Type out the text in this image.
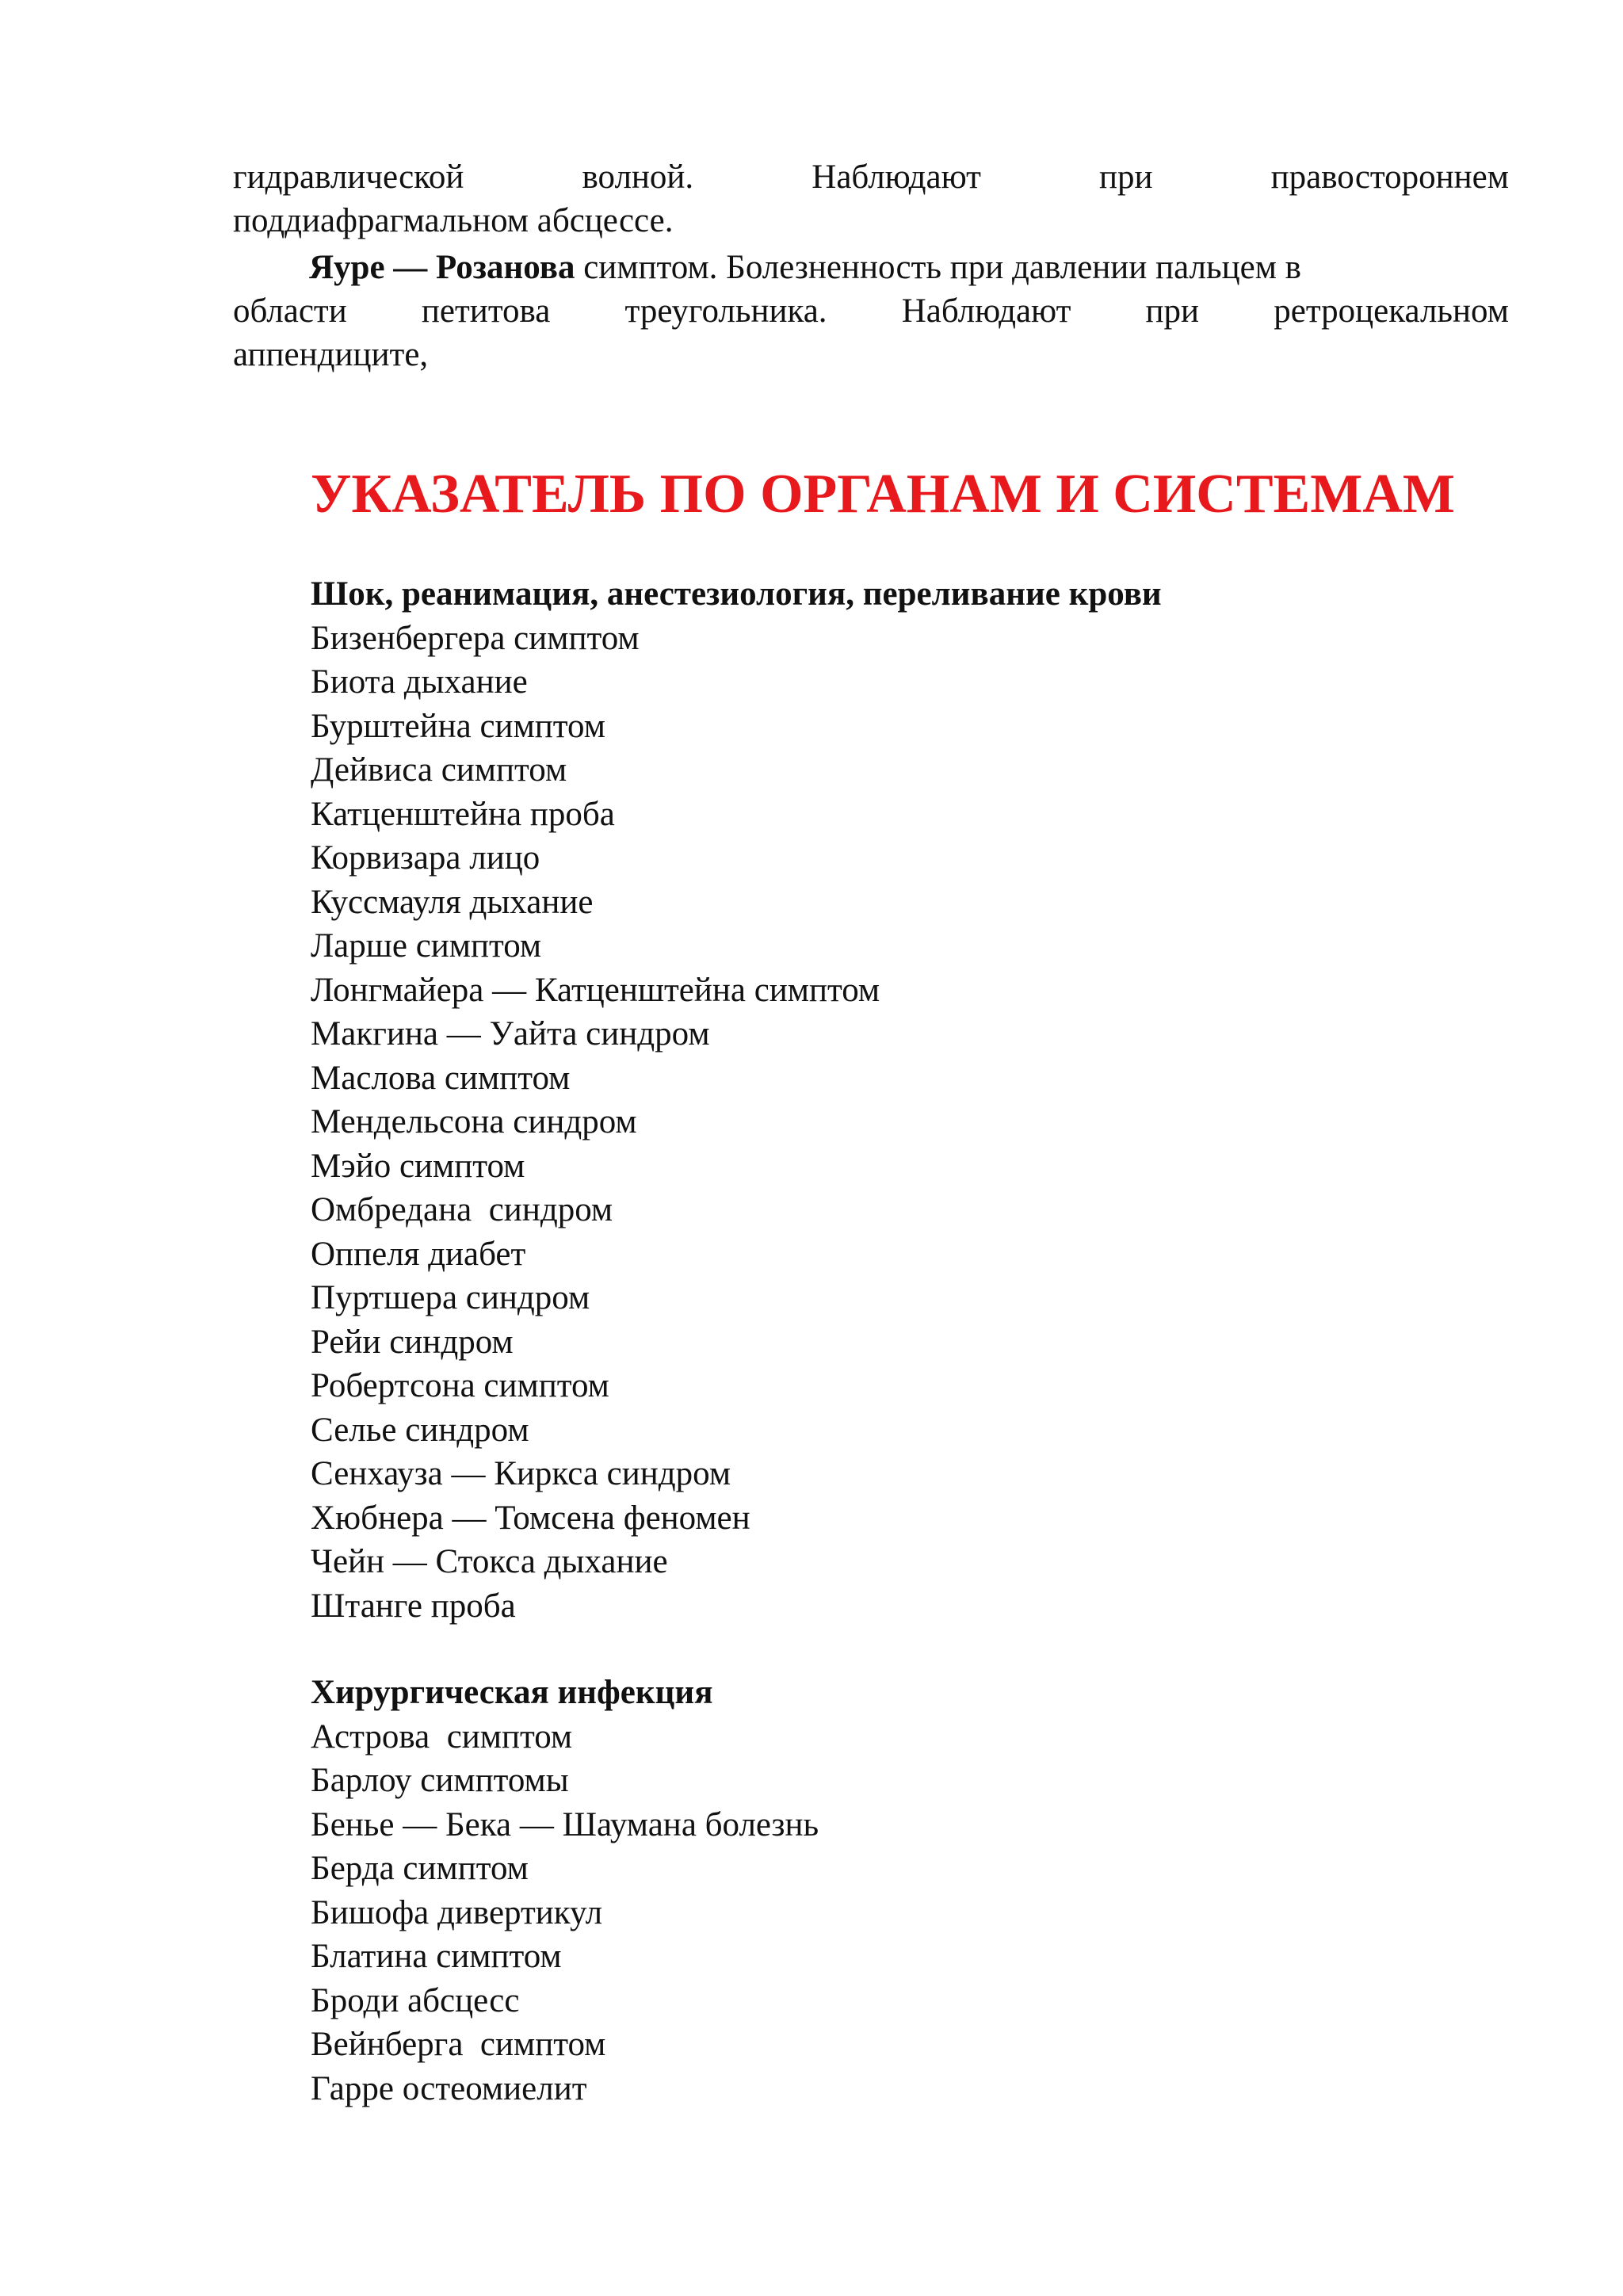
гидравлической	волной.	Наблюдают	при	правостороннем
поддиафрагмальном абсцессе.
Яуре — Розанова симптом. Болезненность при давлении пальцем в
области петитова треугольника. Наблюдают при ретроцекальном
аппендиците,
УКАЗАТЕЛЬ ПО ОРГАНАМ И СИСТЕМАМ
Шок, реанимация, анестезиология, переливание крови
Бизенбергера симптом
Биота дыхание
Бурштейна симптом
Дейвиса симптом
Катценштейна проба
Корвизара лицо
Куссмауля дыхание
Ларше симптом
Лонгмайера — Катценштейна симптом
Макгина — Уайта синдром
Маслова симптом
Мендельсона синдром
Мэйо симптом
Омбредана  синдром
Оппеля диабет
Пуртшера синдром
Рейи синдром
Робертсона симптом
Селье синдром
Сенхауза — Киркса синдром
Хюбнера — Томсена феномен
Чейн — Стокса дыхание
Штанге проба
Хирургическая инфекция
Астрова  симптом
Барлоу симптомы
Бенье — Бека — Шаумана болезнь
Берда симптом
Бишофа дивертикул
Блатина симптом
Броди абсцесс
Вейнберга  симптом
Гарре остеомиелит
